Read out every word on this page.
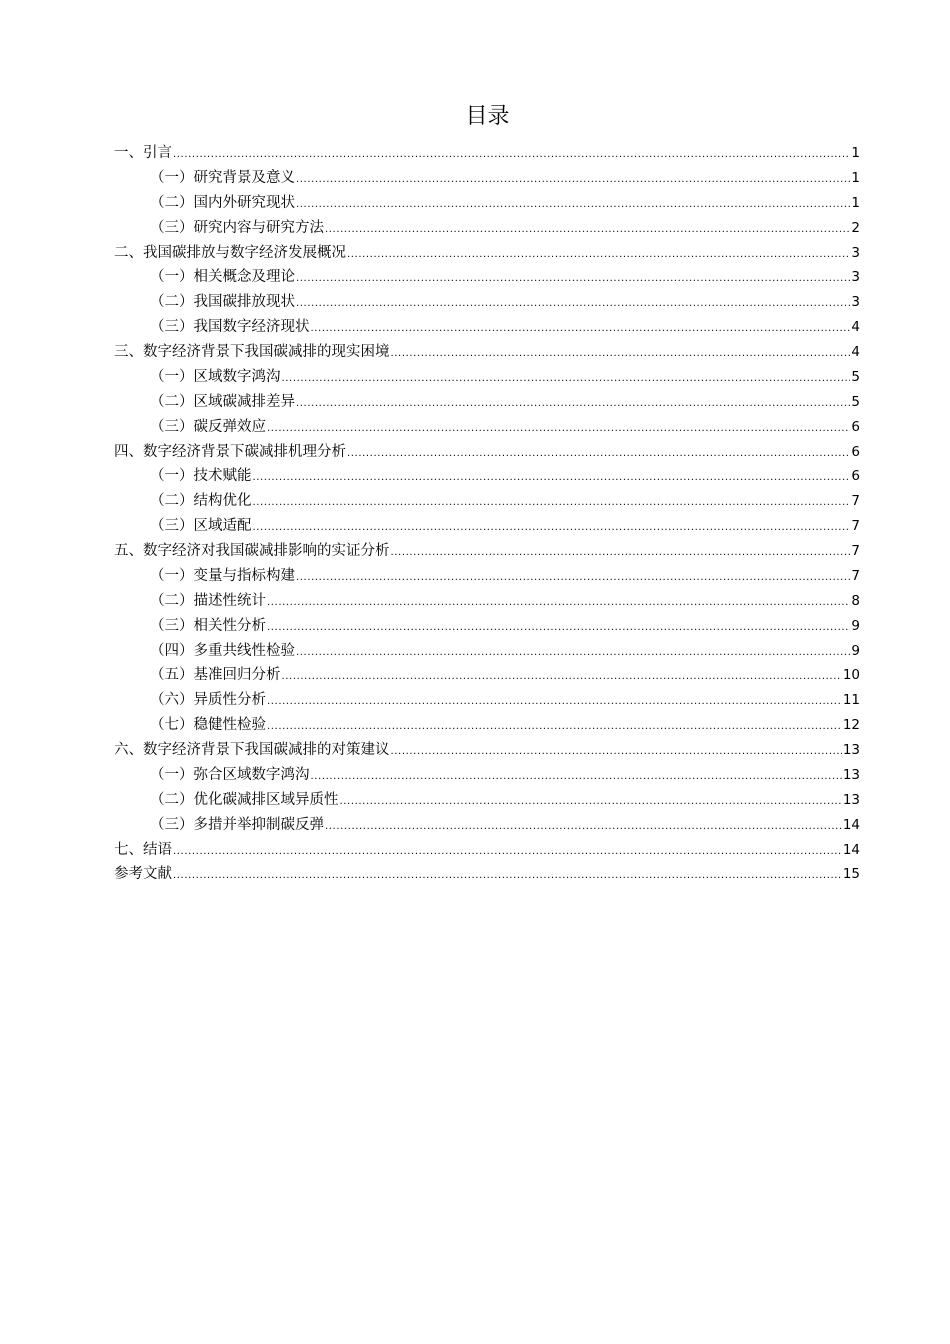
目录
一、引言 .....	1
（一）研究背景及意义 .....	1
（二）国内外研究现状 .....	1
（三）研究内容与研究方法 .....	2
二、我国碳排放与数字经济发展概况 .....	3
（一）相关概念及理论 .....	3
（二）我国碳排放现状 .....	3
（三）我国数字经济现状 .....	4
三、数字经济背景下我国碳减排的现实困境 .....	4
（一）区域数字鸿沟 .....	5
（二）区域碳减排差异 .....	5
（三）碳反弹效应 .....	6
四、数字经济背景下碳减排机理分析 .....	6
（一）技术赋能 .....	6
（二）结构优化 .....	7
（三）区域适配 .....	7
五、数字经济对我国碳减排影响的实证分析 .....	7
（一）变量与指标构建 .....	7
（二）描述性统计 .....	8
（三）相关性分析 .....	9
（四）多重共线性检验 .....	9
（五）基准回归分析 .....	10
（六）异质性分析 .....	11
（七）稳健性检验 .....	12
六、数字经济背景下我国碳减排的对策建议 .....	13
（一）弥合区域数字鸿沟 .....	13
（二）优化碳减排区域异质性 .....	13
（三）多措并举抑制碳反弹 .....	14
七、结语 .....	14
参考文献 .....	15
